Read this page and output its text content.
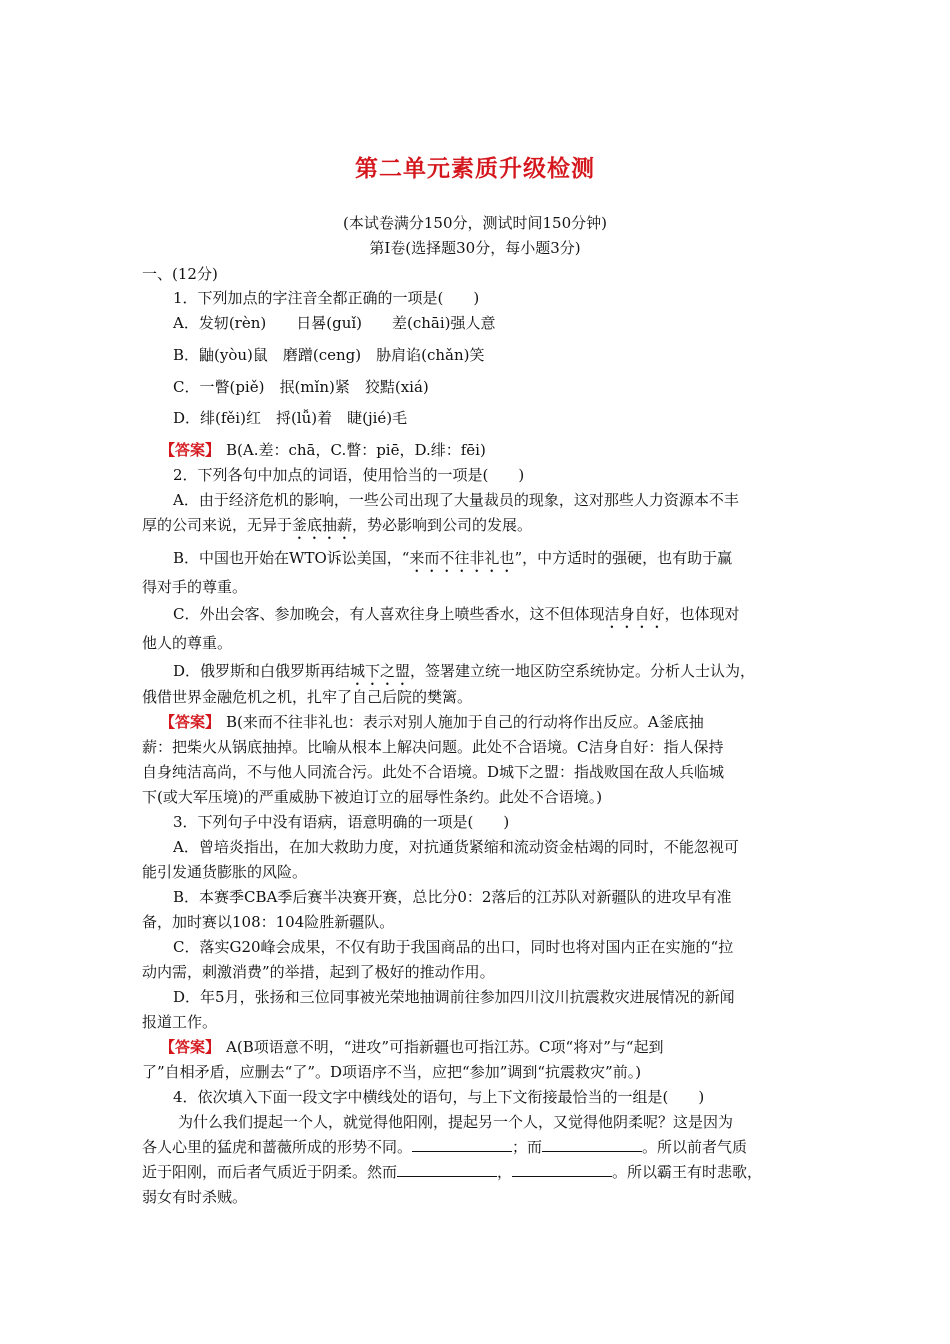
第二单元素质升级检测
(本试卷满分150分，测试时间150分钟)
第Ⅰ卷(选择题30分，每小题3分)
一、(12分)
1．下列加点的字注音全都正确的一项是(　　)
A．发轫(rèn)　　日晷(guǐ)　　差(chāi)强人意
B．鼬(yòu)鼠　磨蹭(ceng)　胁肩谄(chǎn)笑
C．一瞥(piě)　抿(mǐn)紧　狡黠(xiá)
D．绯(fěi)红　捋(lǚ)着　睫(jié)毛
【答案】 B(A.差：chā，C.瞥：piē，D.绯：fēi)
2．下列各句中加点的词语，使用恰当的一项是(　　)
A．由于经济危机的影响，一些公司出现了大量裁员的现象，这对那些人力资源本不丰
厚的公司来说，无异于釜底抽薪，势必影响到公司的发展。
B．中国也开始在WTO诉讼美国，“来而不往非礼也”，中方适时的强硬，也有助于赢
得对手的尊重。
C．外出会客、参加晚会，有人喜欢往身上喷些香水，这不但体现洁身自好，也体现对
他人的尊重。
D．俄罗斯和白俄罗斯再结城下之盟，签署建立统一地区防空系统协定。分析人士认为，
俄借世界金融危机之机，扎牢了自己后院的樊篱。
【答案】 B(来而不往非礼也：表示对别人施加于自己的行动将作出反应。A釜底抽
薪：把柴火从锅底抽掉。比喻从根本上解决问题。此处不合语境。C洁身自好：指人保持
自身纯洁高尚，不与他人同流合污。此处不合语境。D城下之盟：指战败国在敌人兵临城
下(或大军压境)的严重威胁下被迫订立的屈辱性条约。此处不合语境。)
3．下列句子中没有语病，语意明确的一项是(　　)
A．曾培炎指出，在加大救助力度，对抗通货紧缩和流动资金枯竭的同时，不能忽视可
能引发通货膨胀的风险。
B．本赛季CBA季后赛半决赛开赛，总比分0：2落后的江苏队对新疆队的进攻早有准
备，加时赛以108：104险胜新疆队。
C．落实G20峰会成果，不仅有助于我国商品的出口，同时也将对国内正在实施的“拉
动内需，刺激消费”的举措，起到了极好的推动作用。
D．年5月，张扬和三位同事被光荣地抽调前往参加四川汶川抗震救灾进展情况的新闻
报道工作。
【答案】 A(B项语意不明，“进攻”可指新疆也可指江苏。C项“将对”与“起到
了”自相矛盾，应删去“了”。D项语序不当，应把“参加”调到“抗震救灾”前。)
4．依次填入下面一段文字中横线处的语句，与上下文衔接最恰当的一组是(　　)
为什么我们提起一个人，就觉得他阳刚，提起另一个人，又觉得他阴柔呢？这是因为
各人心里的猛虎和蔷薇所成的形势不同。	；而	。所以前者气质
近于阳刚，而后者气质近于阴柔。然而	，	。所以霸王有时悲歌，
弱女有时杀贼。
